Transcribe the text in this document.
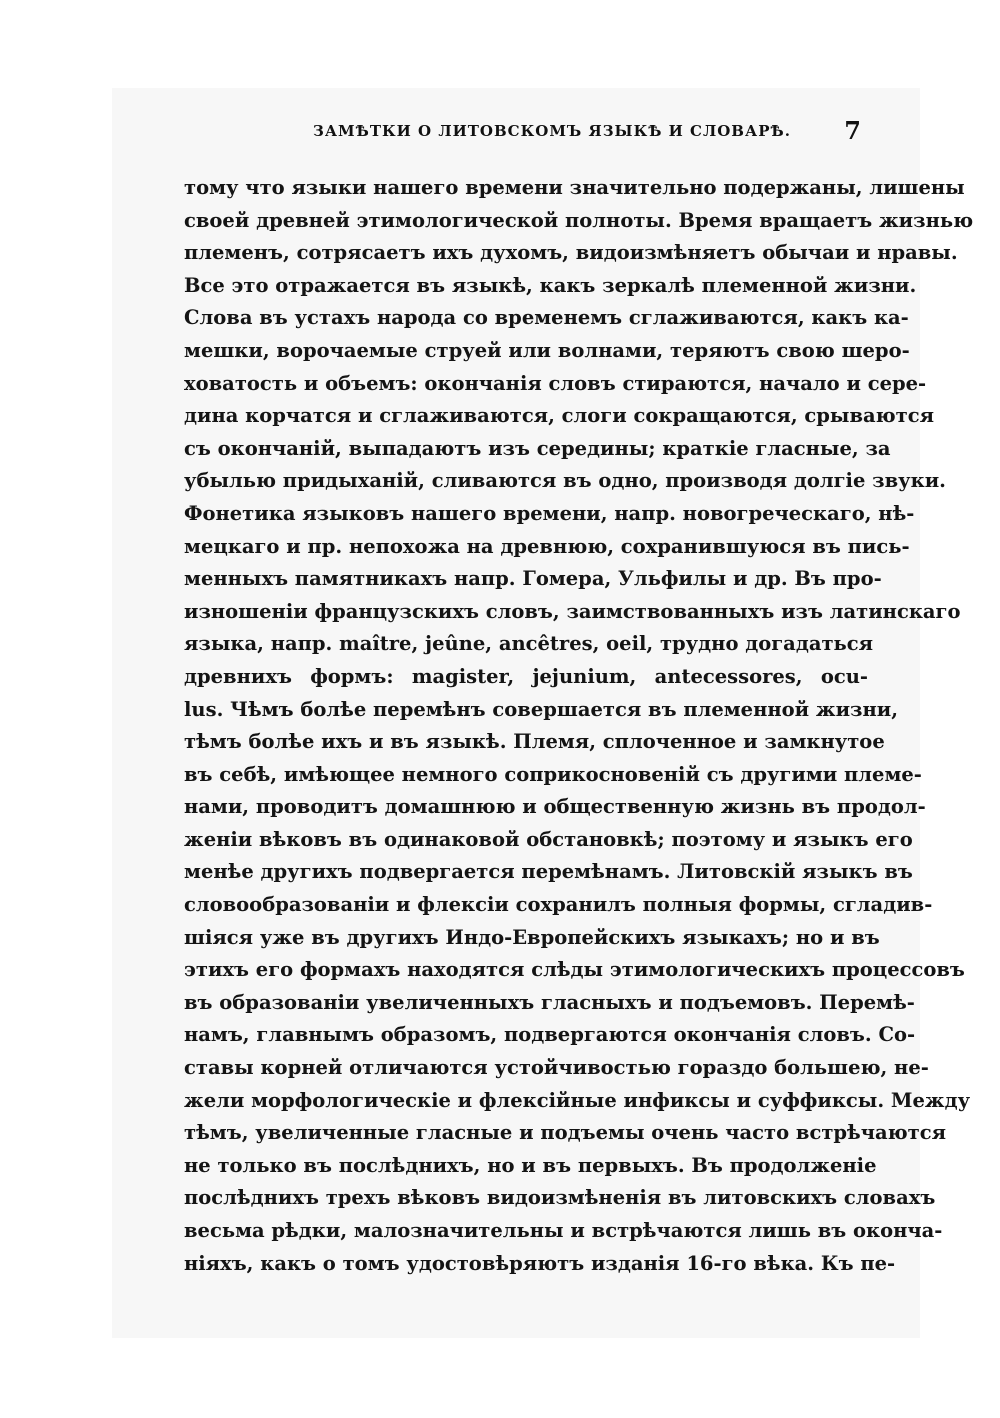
ЗАМѢТКИ О ЛИТОВСКОМЪ ЯЗЫКѢ И СЛОВАРѢ. 7
тому что языки нашего времени значительно подержаны, лишены
своей древней этимологической полноты. Время вращаетъ жизнью
племенъ, сотрясаетъ ихъ духомъ, видоизмѣняетъ обычаи и нравы.
Все это отражается въ языкѣ, какъ зеркалѣ племенной жизни.
Слова въ устахъ народа со временемъ сглаживаются, какъ ка-
мешки, ворочаемые струей или волнами, теряютъ свою шеро-
ховатость и объемъ: окончанія словъ стираются, начало и сере-
дина корчатся и сглаживаются, слоги сокращаются, срываются
съ окончаній, выпадаютъ изъ середины; краткіе гласные, за
убылью придыханій, сливаются въ одно, производя долгіе звуки.
Фонетика языковъ нашего времени, напр. новогреческаго, нѣ-
мецкаго и пр. непохожа на древнюю, сохранившуюся въ пись-
менныхъ памятникахъ напр. Гомера, Ульфилы и др. Въ про-
изношеніи французскихъ словъ, заимствованныхъ изъ латинскаго
языка, напр. maître, jeûne, ancêtres, oeil, трудно догадаться
древнихъ формъ: magister, jejunium, antecessores, ocu-
lus. Чѣмъ болѣе перемѣнъ совершается въ племенной жизни,
тѣмъ болѣе ихъ и въ языкѣ. Племя, сплоченное и замкнутое
въ себѣ, имѣющее немного соприкосновеній съ другими племе-
нами, проводитъ домашнюю и общественную жизнь въ продол-
женіи вѣковъ въ одинаковой обстановкѣ; поэтому и языкъ его
менѣе другихъ подвергается перемѣнамъ. Литовскій языкъ въ
словообразованіи и флексіи сохранилъ полныя формы, сгладив-
шіяся уже въ другихъ Индо-Европейскихъ языкахъ; но и въ
этихъ его формахъ находятся слѣды этимологическихъ процессовъ
въ образованіи увеличенныхъ гласныхъ и подъемовъ. Перемѣ-
намъ, главнымъ образомъ, подвергаются окончанія словъ. Со-
ставы корней отличаются устойчивостью гораздо большею, не-
жели морфологическіе и флексійные инфиксы и суффиксы. Между
тѣмъ, увеличенные гласные и подъемы очень часто встрѣчаются
не только въ послѣднихъ, но и въ первыхъ. Въ продолженіе
послѣднихъ трехъ вѣковъ видоизмѣненія въ литовскихъ словахъ
весьма рѣдки, малозначительны и встрѣчаются лишь въ оконча-
ніяхъ, какъ о томъ удостовѣряютъ изданія 16-го вѣка. Къ пе-
